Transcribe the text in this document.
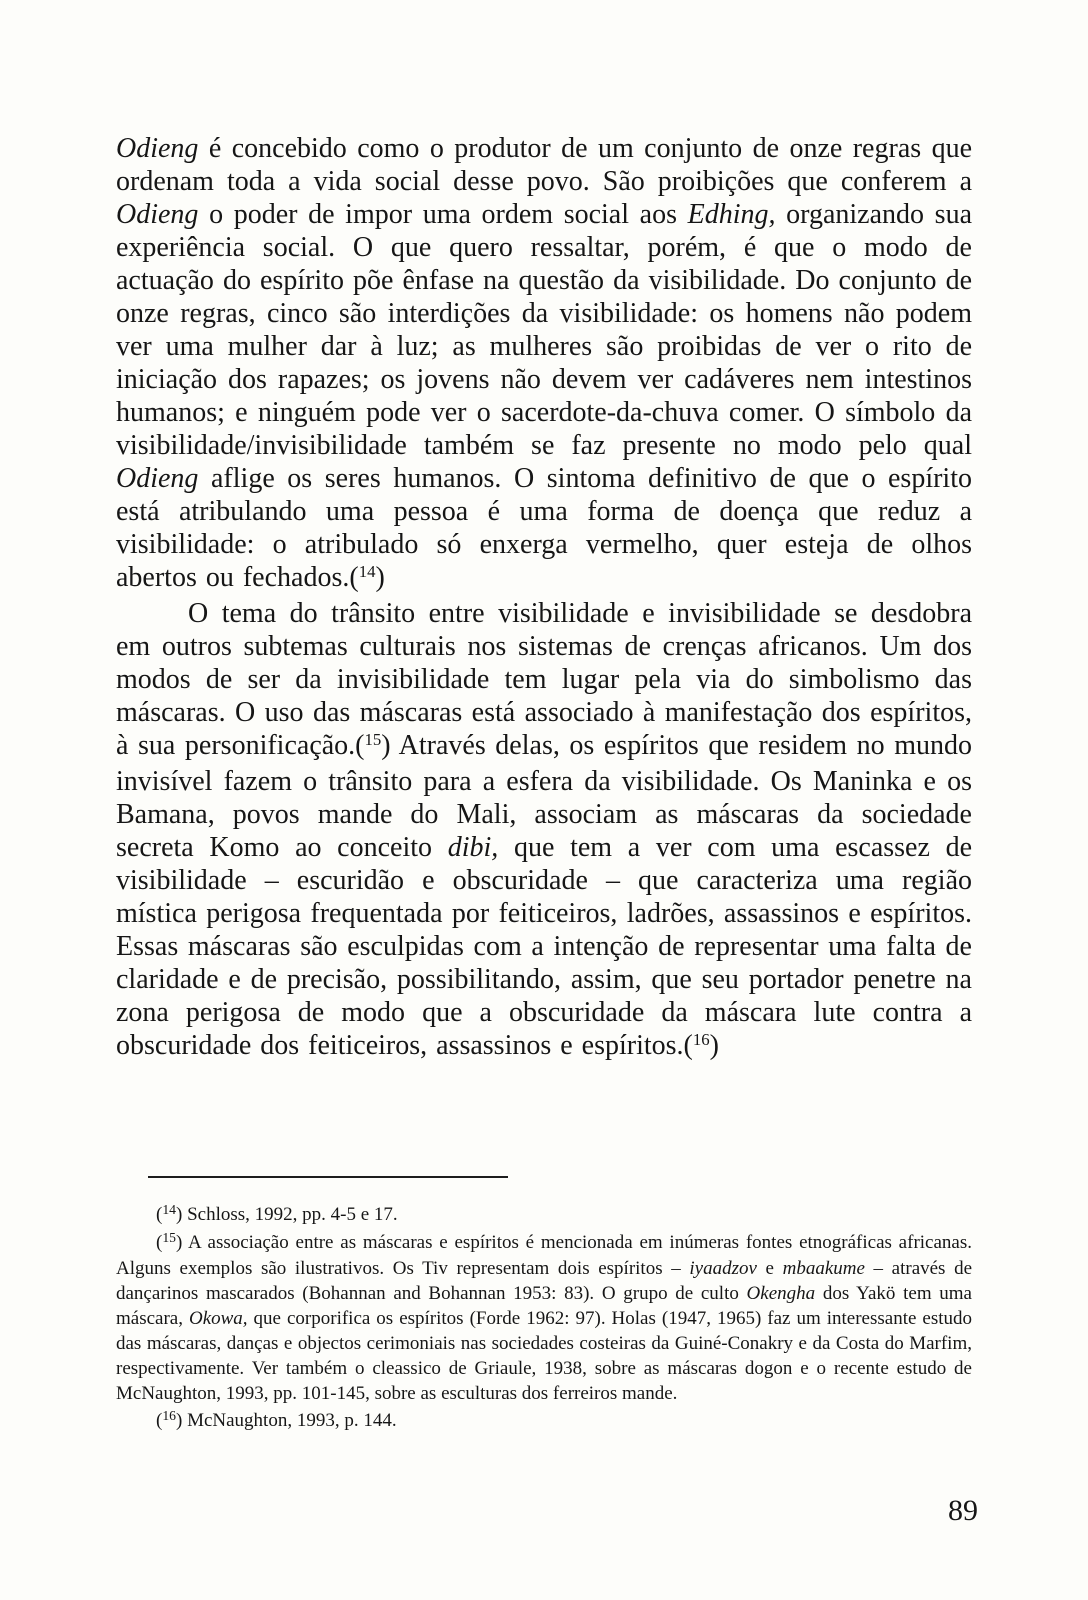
Odieng é concebido como o produtor de um conjunto de onze regras que ordenam toda a vida social desse povo. São proibições que conferem a Odieng o poder de impor uma ordem social aos Edhing, organizando sua experiência social. O que quero ressaltar, porém, é que o modo de actuação do espírito põe ênfase na questão da visibilidade. Do conjunto de onze regras, cinco são interdições da visibilidade: os homens não podem ver uma mulher dar à luz; as mulheres são proibidas de ver o rito de iniciação dos rapazes; os jovens não devem ver cadáveres nem intestinos humanos; e ninguém pode ver o sacerdote-da-chuva comer. O símbolo da visibilidade/invisibilidade também se faz presente no modo pelo qual Odieng aflige os seres humanos. O sintoma definitivo de que o espírito está atribulando uma pessoa é uma forma de doença que reduz a visibilidade: o atribulado só enxerga vermelho, quer esteja de olhos abertos ou fechados.($^{14}$)

O tema do trânsito entre visibilidade e invisibilidade se desdobra em outros subtemas culturais nos sistemas de crenças africanos. Um dos modos de ser da invisibilidade tem lugar pela via do simbolismo das máscaras. O uso das máscaras está associado à manifestação dos espíritos, à sua personificação.($^{15}$) Através delas, os espíritos que residem no mundo invisível fazem o trânsito para a esfera da visibilidade. Os Maninka e os Bamana, povos mande do Mali, associam as máscaras da sociedade secreta Komo ao conceito dibi, que tem a ver com uma escassez de visibilidade – escuridão e obscuridade – que caracteriza uma região mística perigosa frequentada por feiticeiros, ladrões, assassinos e espíritos. Essas máscaras são esculpidas com a intenção de representar uma falta de claridade e de precisão, possibilitando, assim, que seu portador penetre na zona perigosa de modo que a obscuridade da máscara lute contra a obscuridade dos feiticeiros, assassinos e espíritos.($^{16}$)

($^{14}$) Schloss, 1992, pp. 4-5 e 17.

($^{15}$) A associação entre as máscaras e espíritos é mencionada em inúmeras fontes etnográficas africanas. Alguns exemplos são ilustrativos. Os Tiv representam dois espíritos – iyaadzov e mbaakume – através de dançarinos mascarados (Bohannan and Bohannan 1953: 83). O grupo de culto Okengha dos Yakö tem uma máscara, Okowa, que corporifica os espíritos (Forde 1962: 97). Holas (1947, 1965) faz um interessante estudo das máscaras, danças e objectos cerimoniais nas sociedades costeiras da Guiné-Conakry e da Costa do Marfim, respectivamente. Ver também o cleassico de Griaule, 1938, sobre as máscaras dogon e o recente estudo de McNaughton, 1993, pp. 101-145, sobre as esculturas dos ferreiros mande.

($^{16}$) McNaughton, 1993, p. 144.

89
